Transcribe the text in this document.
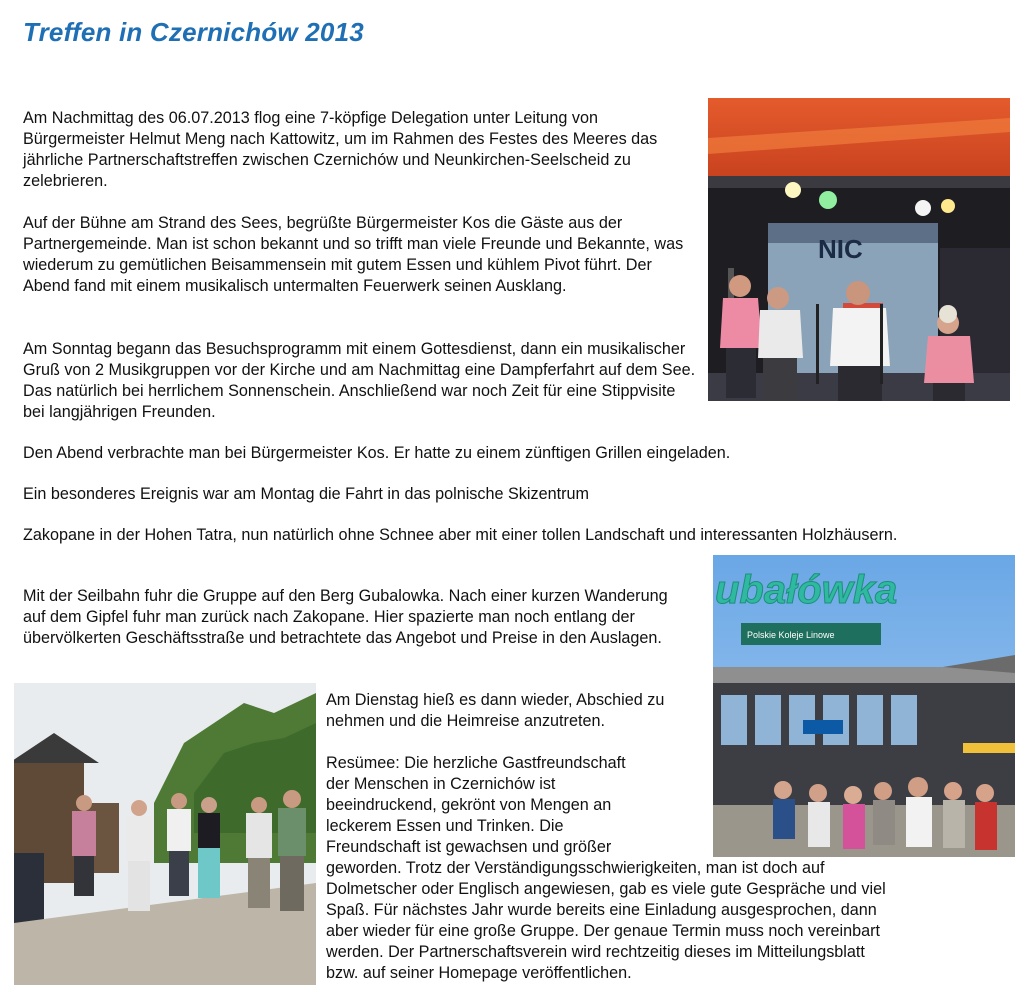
Treffen in Czernichów 2013

Am Nachmittag des 06.07.2013 flog eine 7-köpfige Delegation unter Leitung von Bürgermeister Helmut Meng nach Kattowitz, um im Rahmen des Festes des Meeres das jährliche Partnerschaftstreffen zwischen Czernichów und Neunkirchen-Seelscheid zu zelebrieren.

Auf der Bühne am Strand des Sees, begrüßte Bürgermeister Kos die Gäste aus der Partnergemeinde. Man ist schon bekannt und so trifft man viele Freunde und Bekannte, was wiederum zu gemütlichen Beisammensein mit gutem Essen und kühlem Pivot führt. Der Abend fand mit einem musikalisch untermalten Feuerwerk seinen Ausklang.

Am Sonntag begann das Besuchsprogramm mit einem Gottesdienst, dann ein musikalischer Gruß von 2 Musikgruppen vor der Kirche und am Nachmittag eine Dampferfahrt auf dem See. Das natürlich bei herrlichem Sonnenschein. Anschließend war noch Zeit für eine Stippvisite bei langjährigen Freunden.

Den Abend verbrachte man bei Bürgermeister Kos. Er hatte zu einem zünftigen Grillen eingeladen.

Ein besonderes Ereignis war am Montag die Fahrt in das polnische Skizentrum

Zakopane in der Hohen Tatra, nun natürlich ohne Schnee aber mit einer tollen Landschaft und interessanten Holzhäusern.

Mit der Seilbahn fuhr die Gruppe auf den Berg Gubalowka. Nach einer kurzen Wanderung auf dem Gipfel fuhr man zurück nach Zakopane. Hier spazierte man noch entlang der übervölkerten Geschäftsstraße und betrachtete das Angebot und Preise in den Auslagen.

Am Dienstag hieß es dann wieder, Abschied zu nehmen und die Heimreise anzutreten.

Resümee: Die herzliche Gastfreundschaft
der Menschen in Czernichów ist
beeindruckend, gekrönt von Mengen an
leckerem Essen und Trinken. Die
Freundschaft ist gewachsen und größer
geworden. Trotz der Verständigungsschwierigkeiten, man ist doch auf
Dolmetscher oder Englisch angewiesen, gab es viele gute Gespräche und viel
Spaß. Für nächstes Jahr wurde bereits eine Einladung ausgesprochen, dann
aber wieder für eine große Gruppe. Der genaue Termin muss noch vereinbart
werden. Der Partnerschaftsverein wird rechtzeitig dieses im Mitteilungsblatt
bzw. auf seiner Homepage veröffentlichen.
NIC
ubałówka
Polskie Koleje Linowe
